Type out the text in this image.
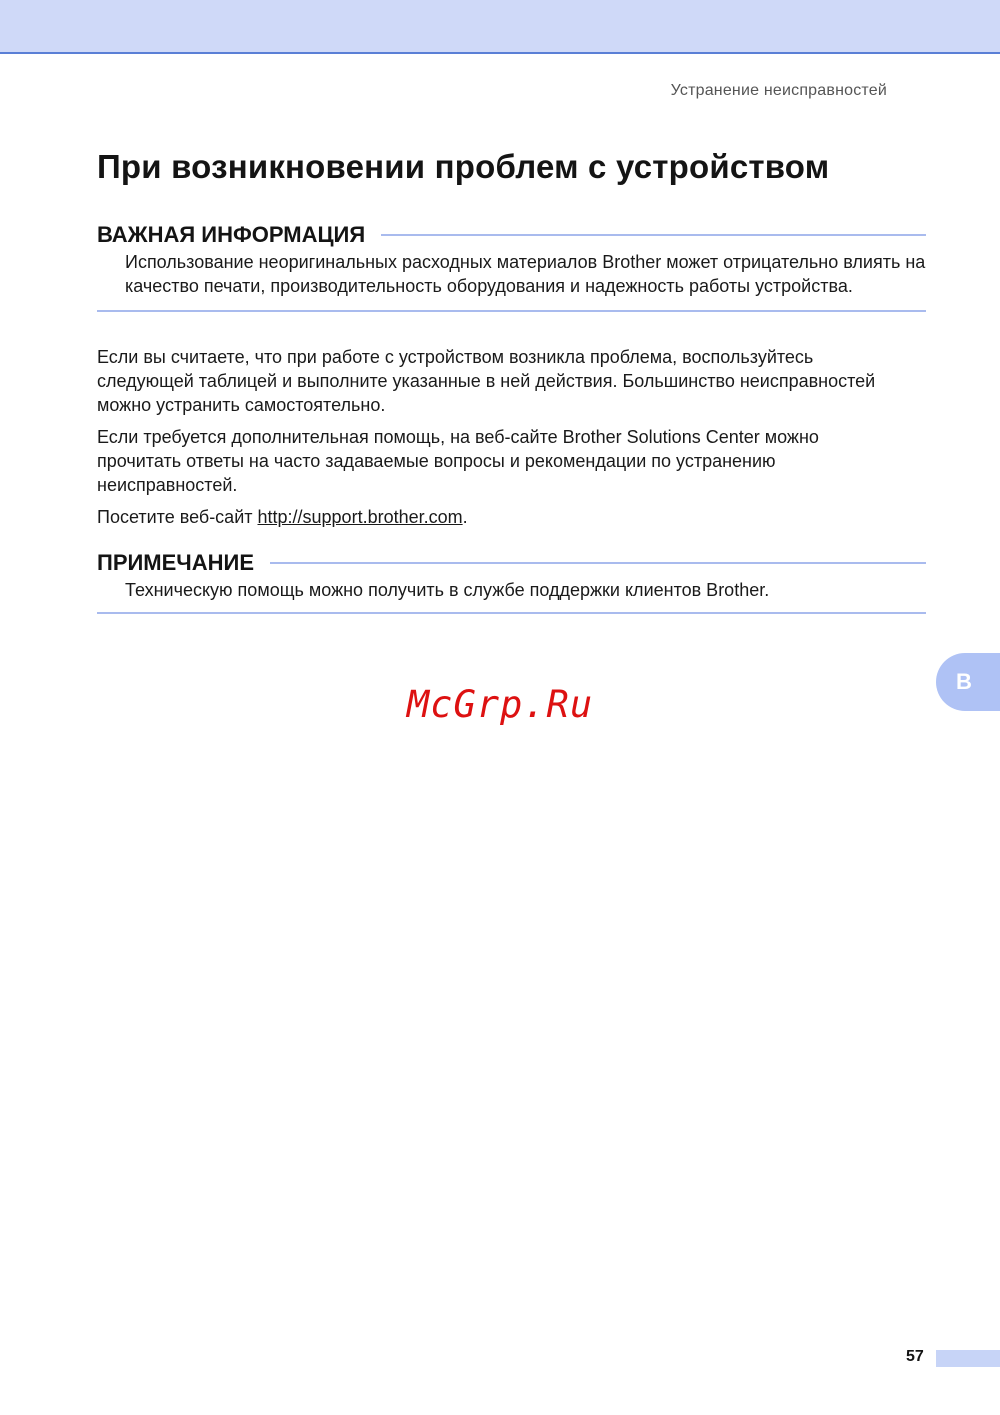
Устранение неисправностей
При возникновении проблем с устройством
ВАЖНАЯ ИНФОРМАЦИЯ
Использование неоригинальных расходных материалов Brother может отрицательно влиять на качество печати, производительность оборудования и надежность работы устройства.

Если вы считаете, что при работе с устройством возникла проблема, воспользуйтесь следующей таблицей и выполните указанные в ней действия. Большинство неисправностей можно устранить самостоятельно.

Если требуется дополнительная помощь, на веб-сайте Brother Solutions Center можно прочитать ответы на часто задаваемые вопросы и рекомендации по устранению неисправностей.

Посетите веб-сайт http://support.brother.com.

ПРИМЕЧАНИЕ
Техническую помощь можно получить в службе поддержки клиентов Brother.
B
McGrp.Ru
57
